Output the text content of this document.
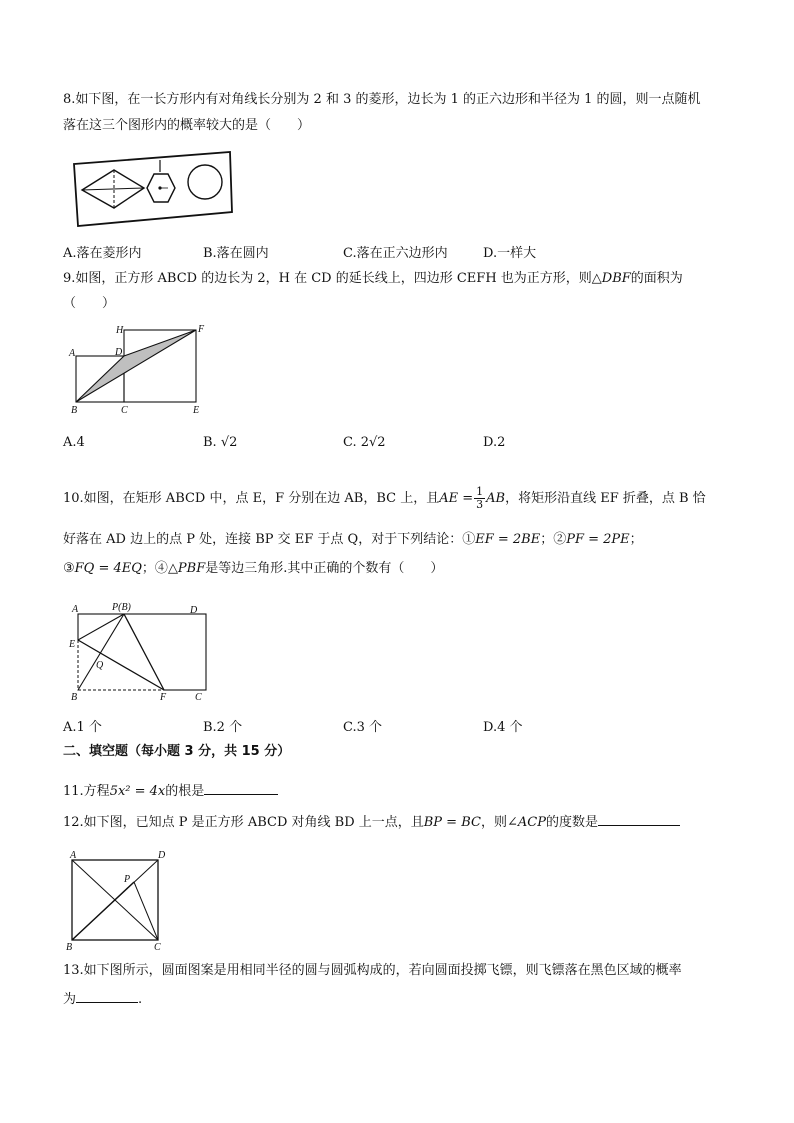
8.如下图，在一长方形内有对角线长分别为 2 和 3 的菱形，边长为 1 的正六边形和半径为 1 的圆，则一点随机
落在这三个图形内的概率较大的是（　　）
A.落在菱形内	B.落在圆内	C.落在正六边形内	D.一样大
9.如图，正方形 ABCD 的边长为 2，H 在 CD 的延长线上，四边形 CEFH 也为正方形，则△DBF的面积为
（　　）
A
H	F
D
B	C	E
A.4	B. √2	C. 2√2	D.2
10.如图，在矩形 ABCD 中，点 E，F 分别在边 AB，BC 上，且AE = $\frac{1}{3}$ AB，将矩形沿直线 EF 折叠，点 B 恰
好落在 AD 边上的点 P 处，连接 BP 交 EF 于点 Q，对于下列结论：①EF = 2BE；②PF = 2PE；
③FQ = 4EQ；④△PBF是等边三角形.其中正确的个数有（　　）
A	P(B)	D
E
Q
B	F	C
A.1 个	B.2 个	C.3 个	D.4 个
二、填空题（每小题 3 分，共 15 分）
11.方程5x² = 4x的根是
12.如下图，已知点 P 是正方形 ABCD 对角线 BD 上一点，且BP = BC，则∠ACP的度数是
A	D
P
B	C
13.如下图所示，圆面图案是用相同半径的圆与圆弧构成的，若向圆面投掷飞镖，则飞镖落在黑色区域的概率
为	.
